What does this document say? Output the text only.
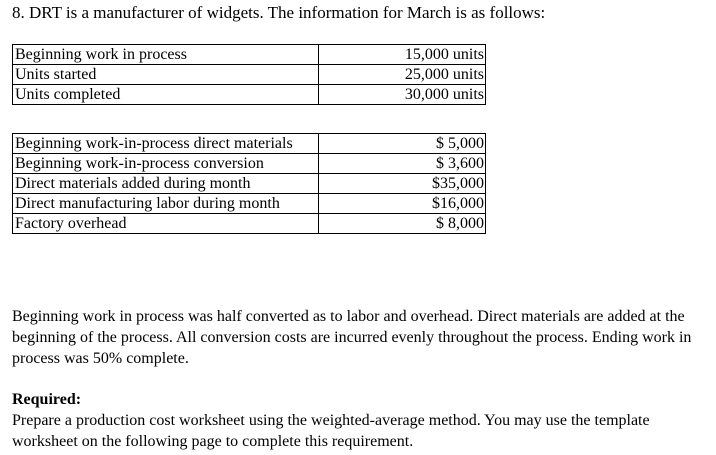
8. DRT is a manufacturer of widgets. The information for March is as follows:
Beginning work in process	15,000 units
Units started	25,000 units
Units completed	30,000 units
Beginning work-in-process direct materials	$ 5,000
Beginning work-in-process conversion	$ 3,600
Direct materials added during month	$35,000
Direct manufacturing labor during month	$16,000
Factory overhead	$ 8,000
Beginning work in process was half converted as to labor and overhead. Direct materials are added at the beginning of the process. All conversion costs are incurred evenly throughout the process. Ending work in process was 50% complete.
Required:
Prepare a production cost worksheet using the weighted-average method. You may use the template worksheet on the following page to complete this requirement.
